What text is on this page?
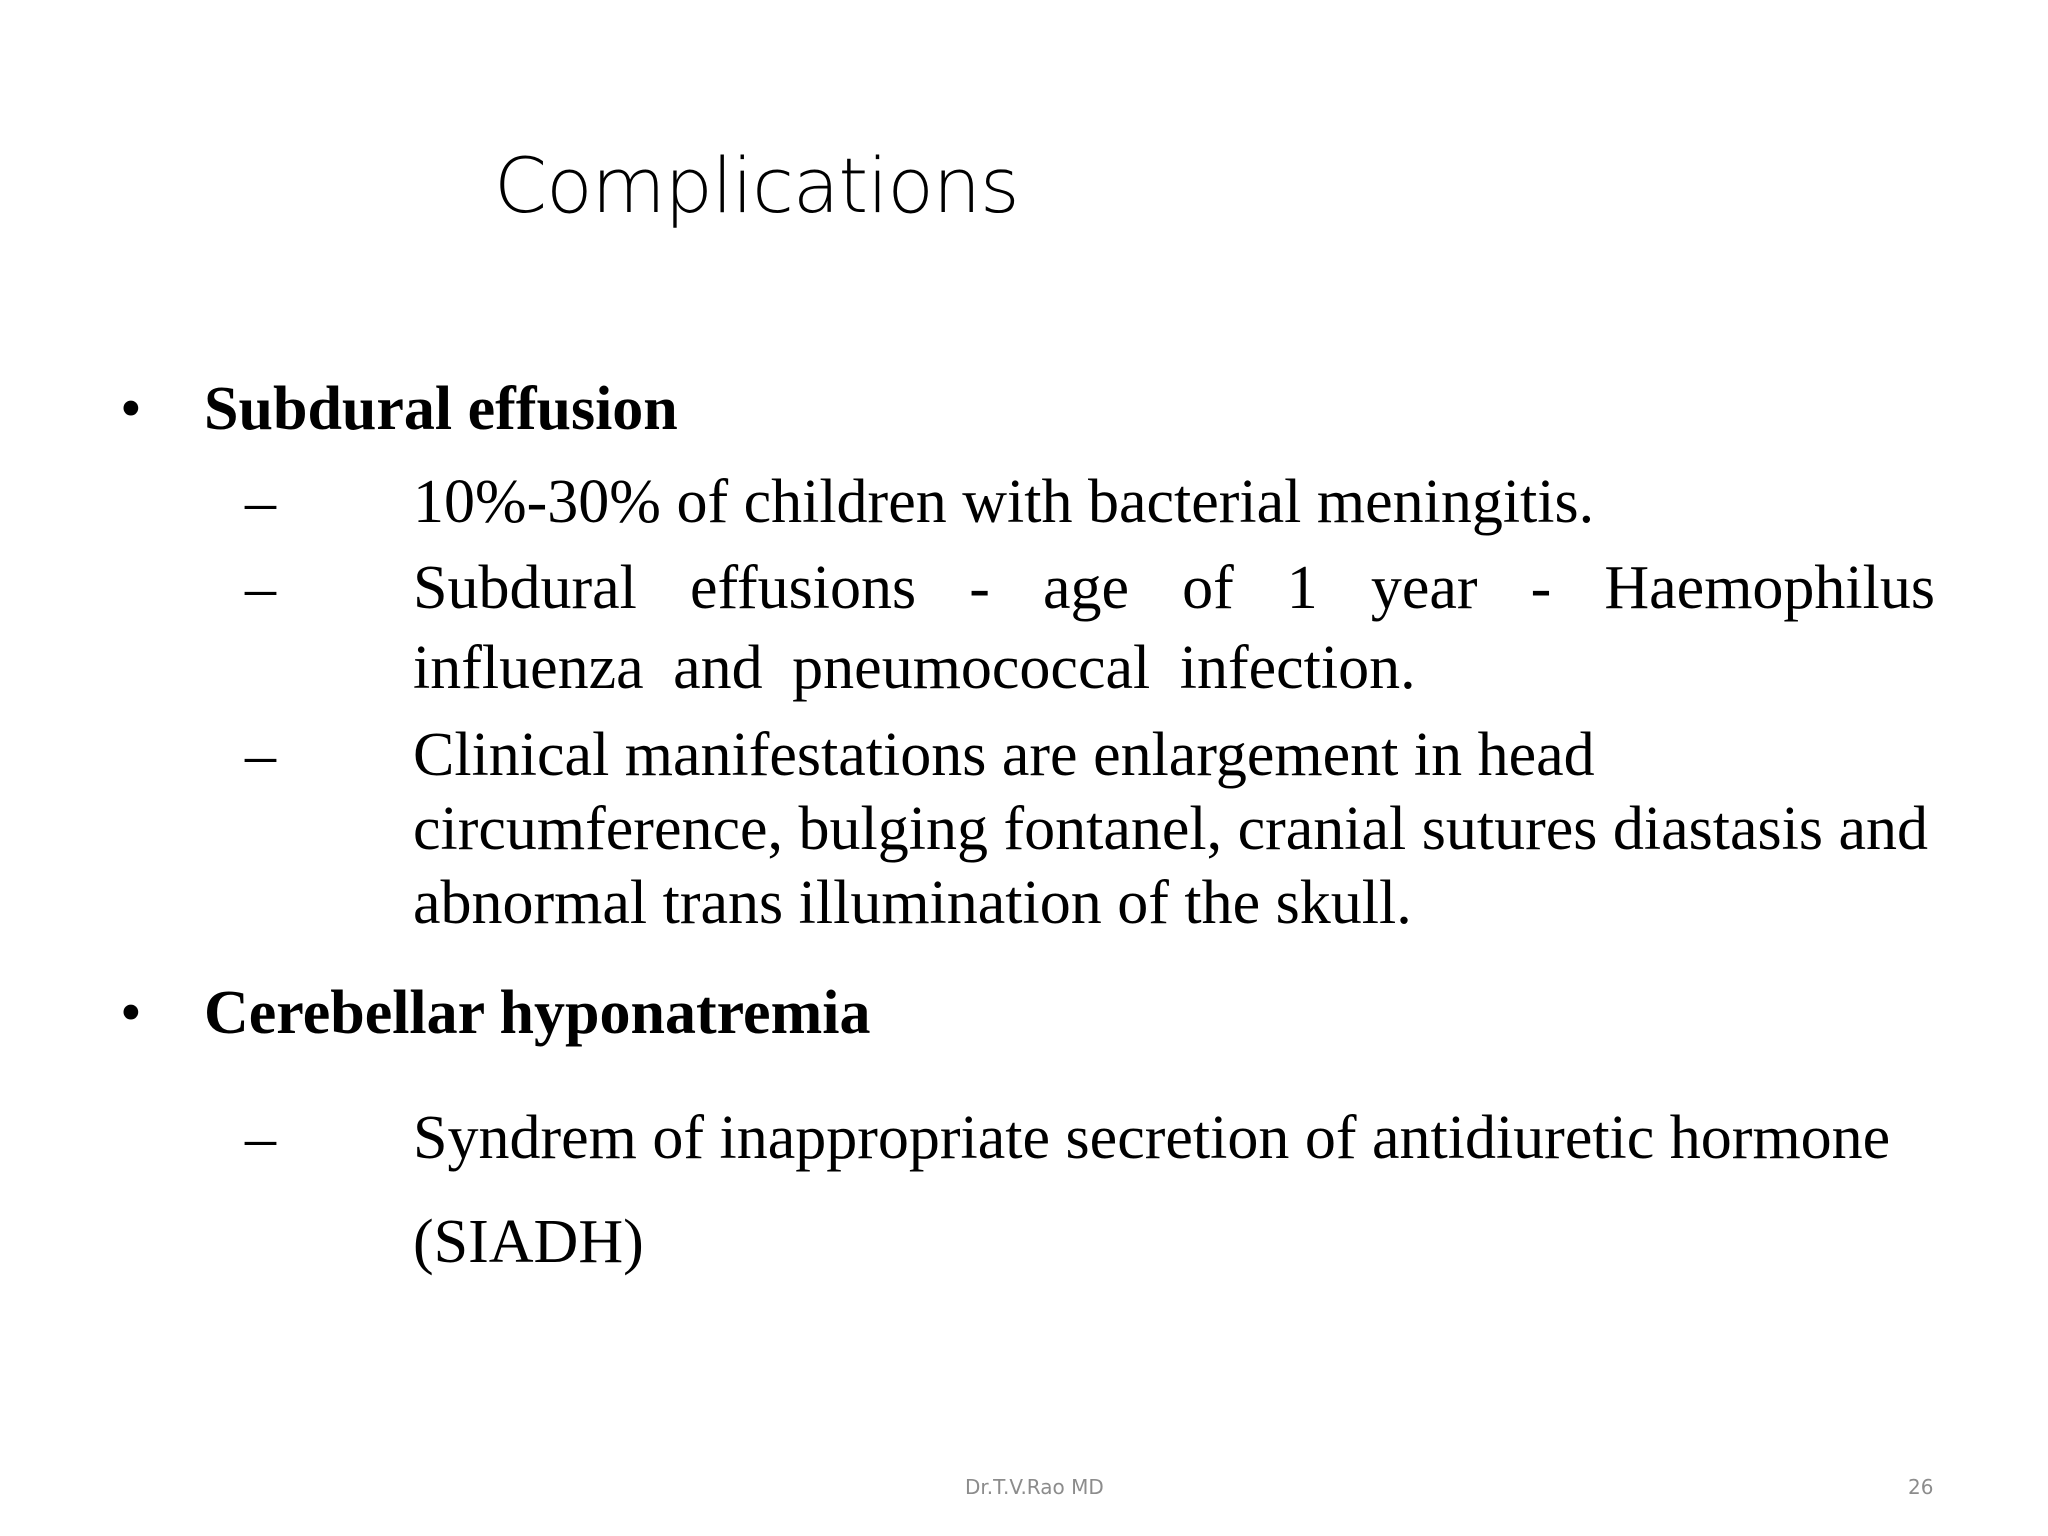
Complications
• Subdural effusion
– 10%-30% of children with bacterial meningitis.
– Subdural effusions - age of 1 year - Haemophilus influenza and pneumococcal infection.
– Clinical manifestations are enlargement in head circumference, bulging fontanel, cranial sutures diastasis and abnormal trans illumination of the skull.
• Cerebellar hyponatremia
– Syndrem of inappropriate secretion of antidiuretic hormone (SIADH)
Dr.T.V.Rao MD	26
